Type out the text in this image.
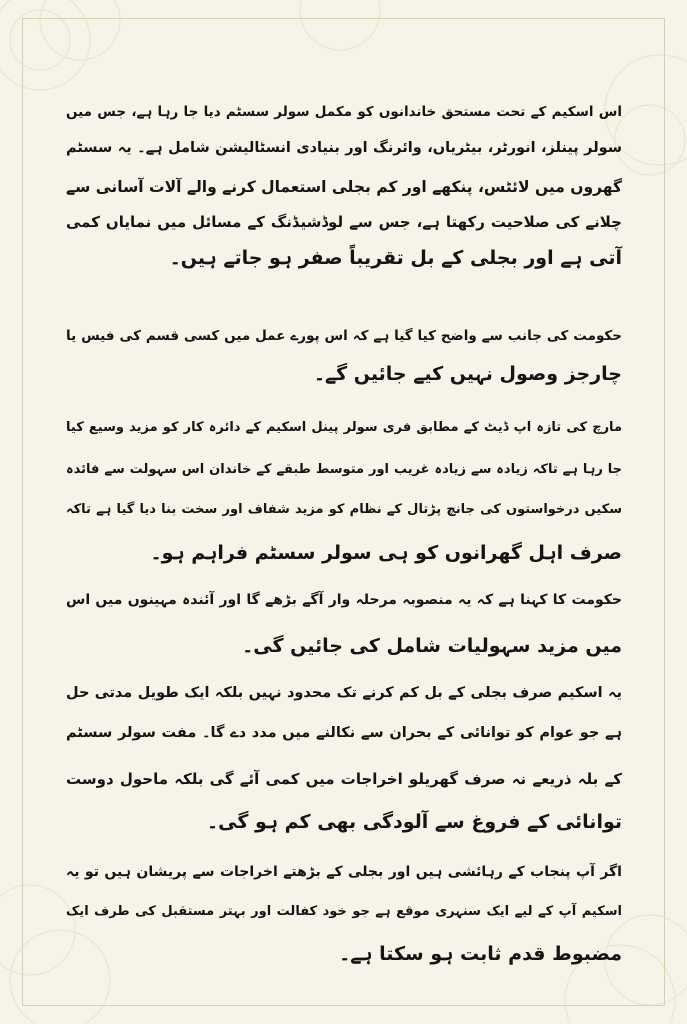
اس اسکیم کے تحت مستحق خاندانوں کو مکمل سولر سسٹم دیا جا رہا ہے، جس میں
سولر پینلز، انورٹر، بیٹریاں، وائرنگ اور بنیادی انسٹالیشن شامل ہے۔ یہ سسٹم
گھروں میں لائٹس، پنکھے اور کم بجلی استعمال کرنے والے آلات آسانی سے
چلانے کی صلاحیت رکھتا ہے، جس سے لوڈشیڈنگ کے مسائل میں نمایاں کمی
آتی ہے اور بجلی کے بل تقریباً صفر ہو جاتے ہیں۔
حکومت کی جانب سے واضح کیا گیا ہے کہ اس پورے عمل میں کسی قسم کی فیس یا
چارجز وصول نہیں کیے جائیں گے۔
مارچ کی تازہ اپ ڈیٹ کے مطابق فری سولر پینل اسکیم کے دائرہ کار کو مزید وسیع کیا
جا رہا ہے تاکہ زیادہ سے زیادہ غریب اور متوسط طبقے کے خاندان اس سہولت سے فائدہ
سکیں درخواستوں کی جانچ پڑتال کے نظام کو مزید شفاف اور سخت بنا دیا گیا ہے تاکہ
صرف اہل گھرانوں کو ہی سولر سسٹم فراہم ہو۔
حکومت کا کہنا ہے کہ یہ منصوبہ مرحلہ وار آگے بڑھے گا اور آئندہ مہینوں میں اس
میں مزید سہولیات شامل کی جائیں گی۔
یہ اسکیم صرف بجلی کے بل کم کرنے تک محدود نہیں بلکہ ایک طویل مدتی حل
ہے جو عوام کو توانائی کے بحران سے نکالنے میں مدد دے گا۔ مفت سولر سسٹم
کے بلہ ذریعے نہ صرف گھریلو اخراجات میں کمی آئے گی بلکہ ماحول دوست
توانائی کے فروغ سے آلودگی بھی کم ہو گی۔
اگر آپ پنجاب کے رہائشی ہیں اور بجلی کے بڑھتے اخراجات سے پریشان ہیں تو یہ
اسکیم آپ کے لیے ایک سنہری موقع ہے جو خود کفالت اور بہتر مستقبل کی طرف ایک
مضبوط قدم ثابت ہو سکتا ہے۔
